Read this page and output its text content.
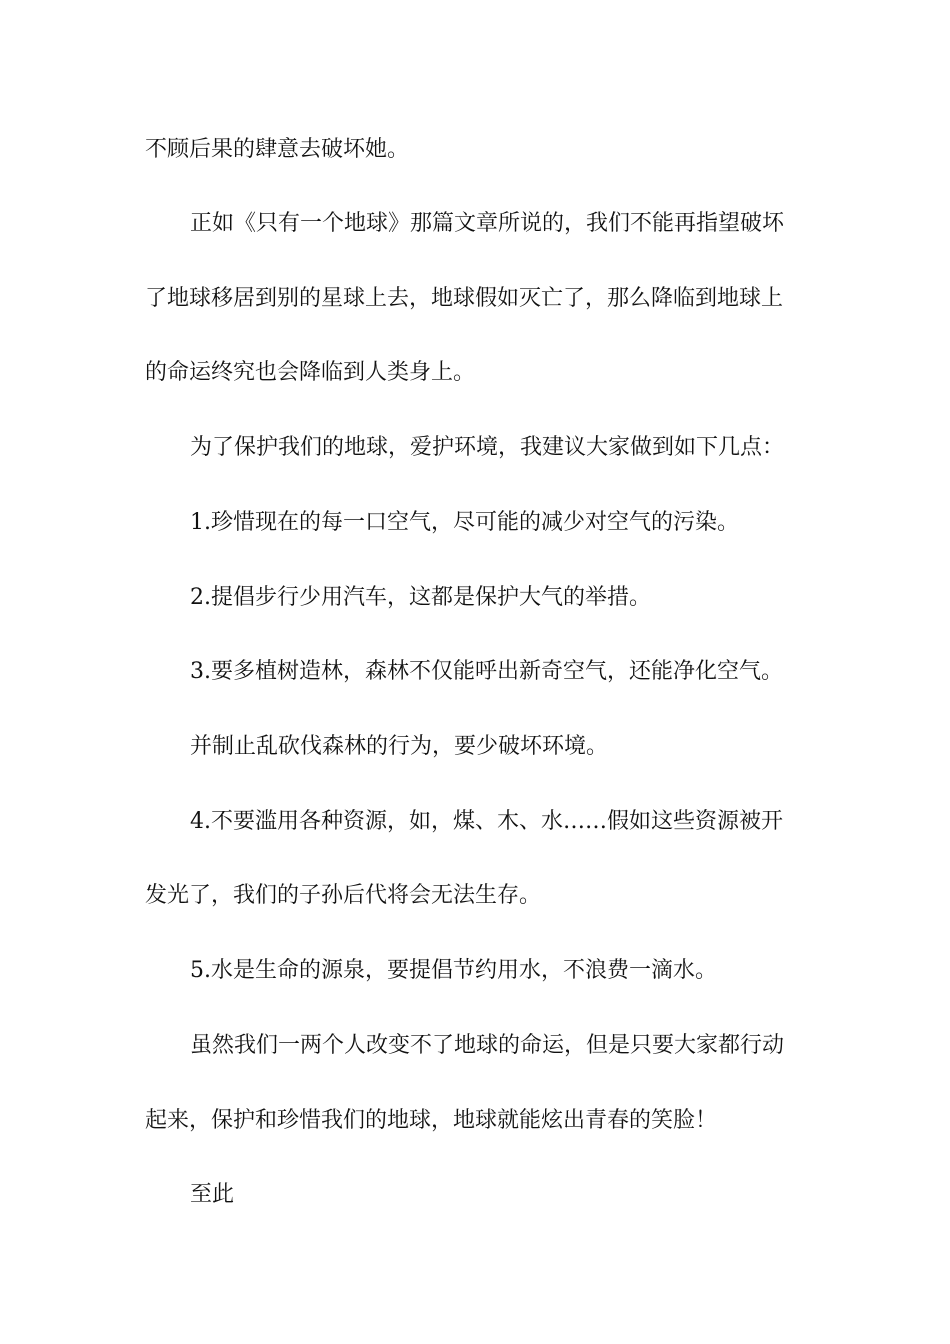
不顾后果的肆意去破坏她。
正如《只有一个地球》那篇文章所说的，我们不能再指望破坏
了地球移居到别的星球上去，地球假如灭亡了，那么降临到地球上
的命运终究也会降临到人类身上。
为了保护我们的地球，爱护环境，我建议大家做到如下几点：
1.珍惜现在的每一口空气，尽可能的减少对空气的污染。
2.提倡步行少用汽车，这都是保护大气的举措。
3.要多植树造林，森林不仅能呼出新奇空气，还能净化空气。
并制止乱砍伐森林的行为，要少破坏环境。
4.不要滥用各种资源，如，煤、木、水……假如这些资源被开
发光了，我们的子孙后代将会无法生存。
5.水是生命的源泉，要提倡节约用水，不浪费一滴水。
虽然我们一两个人改变不了地球的命运，但是只要大家都行动
起来，保护和珍惜我们的地球，地球就能炫出青春的笑脸！
至此
